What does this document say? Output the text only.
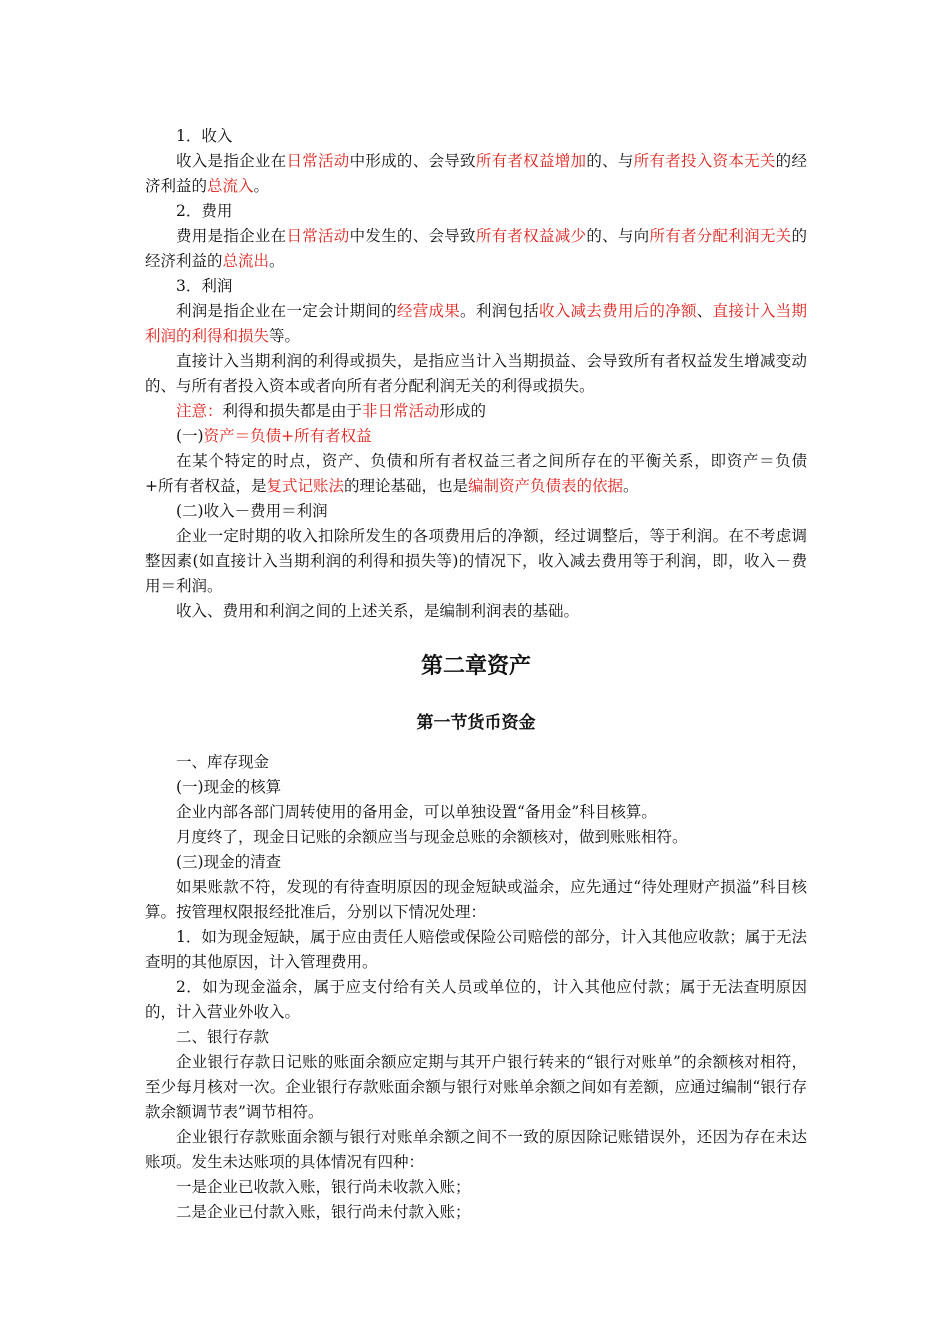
1．收入

收入是指企业在日常活动中形成的、会导致所有者权益增加的、与所有者投入资本无关的经济利益的总流入。

2．费用

费用是指企业在日常活动中发生的、会导致所有者权益减少的、与向所有者分配利润无关的经济利益的总流出。

3．利润

利润是指企业在一定会计期间的经营成果。利润包括收入减去费用后的净额、直接计入当期利润的利得和损失等。

直接计入当期利润的利得或损失，是指应当计入当期损益、会导致所有者权益发生增减变动的、与所有者投入资本或者向所有者分配利润无关的利得或损失。

注意：利得和损失都是由于非日常活动形成的

(一)资产＝负债+所有者权益

在某个特定的时点，资产、负债和所有者权益三者之间所存在的平衡关系，即资产＝负债+所有者权益，是复式记账法的理论基础，也是编制资产负债表的依据。

(二)收入－费用＝利润

企业一定时期的收入扣除所发生的各项费用后的净额，经过调整后，等于利润。在不考虑调整因素(如直接计入当期利润的利得和损失等)的情况下，收入减去费用等于利润，即，收入－费用＝利润。

收入、费用和利润之间的上述关系，是编制利润表的基础。

第二章资产
第一节货币资金

一、库存现金

(一)现金的核算

企业内部各部门周转使用的备用金，可以单独设置“备用金”科目核算。

月度终了，现金日记账的余额应当与现金总账的余额核对，做到账账相符。

(三)现金的清查

如果账款不符，发现的有待查明原因的现金短缺或溢余，应先通过“待处理财产损溢”科目核算。按管理权限报经批准后，分别以下情况处理：

1．如为现金短缺，属于应由责任人赔偿或保险公司赔偿的部分，计入其他应收款；属于无法查明的其他原因，计入管理费用。

2．如为现金溢余，属于应支付给有关人员或单位的，计入其他应付款；属于无法查明原因的，计入营业外收入。

二、银行存款

企业银行存款日记账的账面余额应定期与其开户银行转来的“银行对账单”的余额核对相符，至少每月核对一次。企业银行存款账面余额与银行对账单余额之间如有差额，应通过编制“银行存款余额调节表”调节相符。

企业银行存款账面余额与银行对账单余额之间不一致的原因除记账错误外，还因为存在未达账项。发生未达账项的具体情况有四种：

一是企业已收款入账，银行尚未收款入账；

二是企业已付款入账，银行尚未付款入账；
